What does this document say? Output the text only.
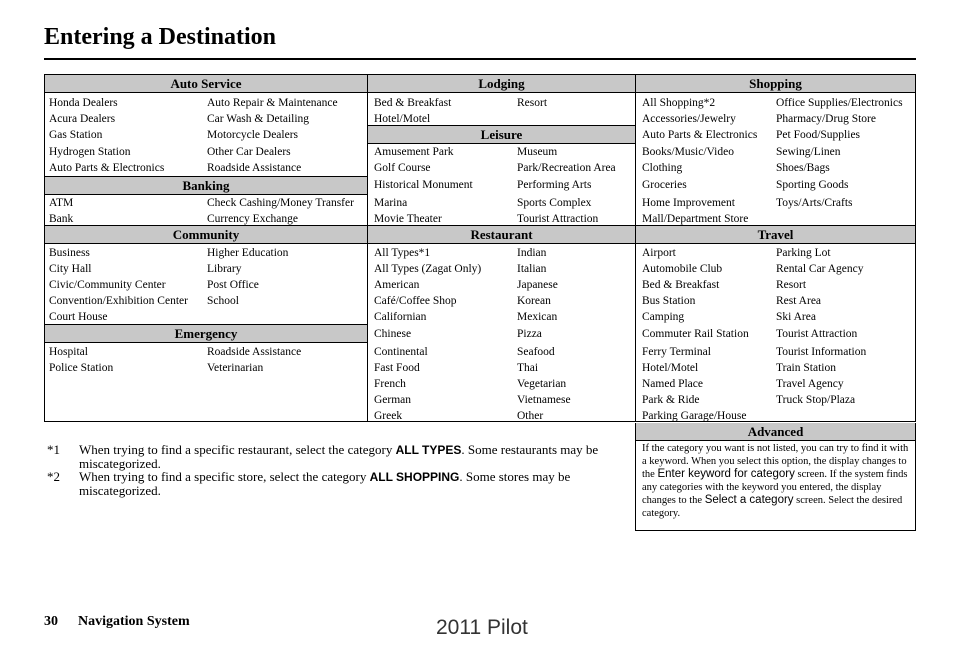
Entering a Destination
Auto Service
Honda Dealers
Acura Dealers
Gas Station
Hydrogen Station
Auto Parts & Electronics
Auto Repair & Maintenance
Car Wash & Detailing
Motorcycle Dealers
Other Car Dealers
Roadside Assistance
Banking
ATM
Bank
Check Cashing/Money Transfer
Currency Exchange
Community
Business
City Hall
Civic/Community Center
Convention/Exhibition Center
Court House
Higher Education
Library
Post Office
School
Emergency
Hospital
Police Station
Roadside Assistance
Veterinarian
Lodging
Bed & Breakfast
Hotel/Motel
Resort
Leisure
Amusement Park
Golf Course
Historical Monument
Marina
Movie Theater
Museum
Park/Recreation Area
Performing Arts
Sports Complex
Tourist Attraction
Restaurant
All Types*1
All Types (Zagat Only)
American
Café/Coffee Shop
Californian
Chinese
Continental
Fast Food
French
German
Greek
Indian
Italian
Japanese
Korean
Mexican
Pizza
Seafood
Thai
Vegetarian
Vietnamese
Other
Shopping
All Shopping*2
Accessories/Jewelry
Auto Parts & Electronics
Books/Music/Video
Clothing
Groceries
Home Improvement
Mall/Department Store
Office Supplies/Electronics
Pharmacy/Drug Store
Pet Food/Supplies
Sewing/Linen
Shoes/Bags
Sporting Goods
Toys/Arts/Crafts
Travel
Airport
Automobile Club
Bed & Breakfast
Bus Station
Camping
Commuter Rail Station
Ferry Terminal
Hotel/Motel
Named Place
Park & Ride
Parking Garage/House
Parking Lot
Rental Car Agency
Resort
Rest Area
Ski Area
Tourist Attraction
Tourist Information
Train Station
Travel Agency
Truck Stop/Plaza
Advanced
If the category you want is not listed, you can try to find it with a keyword. When you select this option, the display changes to the Enter keyword for category screen. If the system finds any categories with the keyword you entered, the display changes to the Select a category screen. Select the desired category.
*1 When trying to find a specific restaurant, select the category ALL TYPES. Some restaurants may be miscategorized.
*2 When trying to find a specific store, select the category ALL SHOPPING. Some stores may be miscategorized.
30 Navigation System	2011 Pilot
